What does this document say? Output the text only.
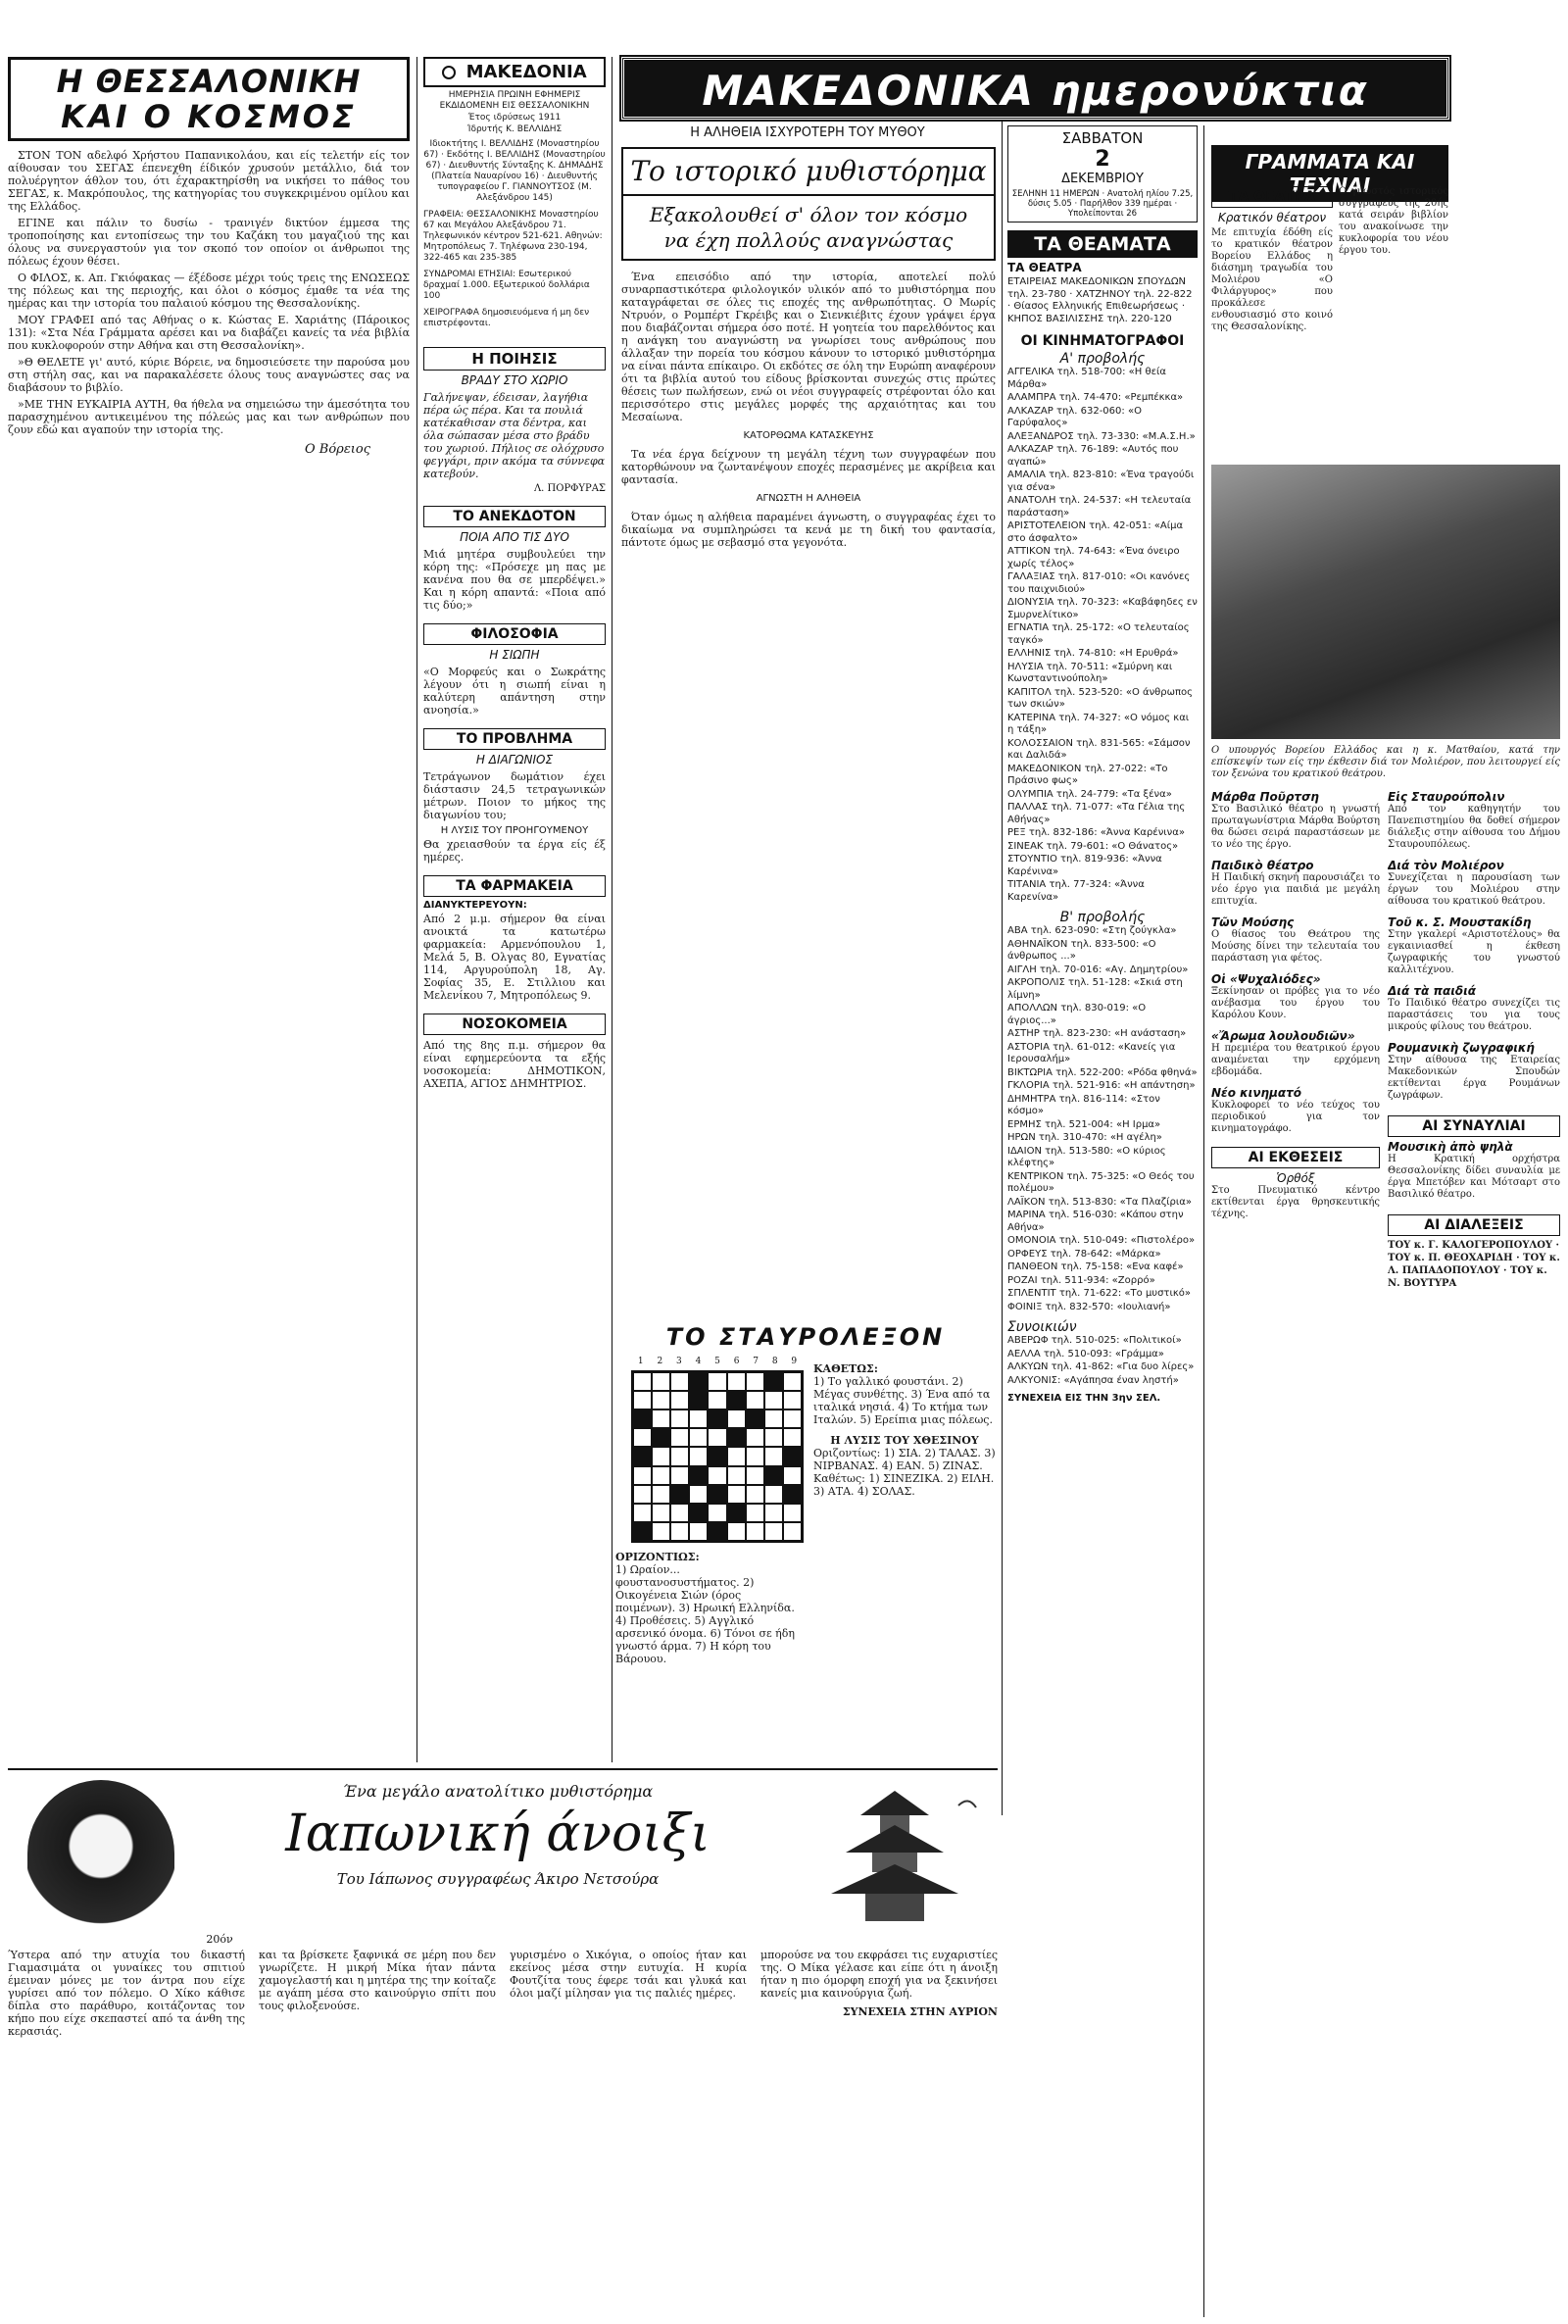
Η ΘΕΣΣΑΛΟΝΙΚΗ
ΚΑΙ Ο ΚΟΣΜΟΣ

ΣΤΟΝ ΤΟΝ αδελφό Χρήστου Παπανικολάου, και είς τελετήν είς τον αίθουσαν του ΣΕΓΑΣ έπενεχθη έίδικόν χρυσούν μετάλλιο, διά τον πολυέργητον άθλον του, ότι έχαρακτηρίσθη να νικήσει το πάθος του ΣΕΓΑΣ, κ. Μακρόπουλος, της κατηγορίας του συγκεκριμένου ομίλου και της Ελλάδος.

ΕΓΙΝΕ και πάλιν το δυσίω - τρανιγέν δικτύον έμμεσα της τροποποίησης και εντοπίσεως την του Καζάκη του μαγαζιού της και όλους να συνεργαστούν για τον σκοπό τον οποίον οι άνθρωποι της πόλεως έχουν θέσει.

Ο ΦΙΛΟΣ, κ. Απ. Γκιόφακας — έξέδοσε μέχρι τούς τρεις της ΕΝΩΣΕΩΣ της πόλεως και της περιοχής, και όλοι ο κόσμος έμαθε τα νέα της ημέρας και την ιστορία του παλαιού κόσμου της Θεσσαλονίκης.

ΜΟΥ ΓΡΑΦΕΙ από τας Αθήνας ο κ. Κώστας Ε. Χαριάτης (Πάροικος 131): «Στα Νέα Γράμματα αρέσει και να διαβάζει κανείς τα νέα βιβλία που κυκλοφορούν στην Αθήνα και στη Θεσσαλονίκη».

»Θ ΘΕΛΕΤΕ γι' αυτό, κύριε Βόρειε, να δημοσιεύσετε την παρούσα μου στη στήλη σας, και να παρακαλέσετε όλους τους αναγνώστες σας να διαβάσουν το βιβλίο.

»ΜΕ ΤΗΝ ΕΥΚΑΙΡΙΑ ΑΥΤΗ, θα ήθελα να σημειώσω την άμεσότητα του παρασχημένου αντικειμένου της πόλεώς μας και των ανθρώπων που ζουν εδώ και αγαπούν την ιστορία της.

Ο Βόρειος
ΜΑΚΕΔΟΝΙΑ
ΗΜΕΡΗΣΙΑ ΠΡΩΙΝΗ ΕΦΗΜΕΡΙΣ ΕΚΔΙΔΟΜΕΝΗ ΕΙΣ ΘΕΣΣΑΛΟΝΙΚΗΝ
Έτος ιδρύσεως 1911
Ίδρυτής Κ. ΒΕΛΛΙΔΗΣ
Ιδιοκτήτης Ι. ΒΕΛΛΙΔΗΣ (Μοναστηρίου 67) · Εκδότης Ι. ΒΕΛΛΙΔΗΣ (Μοναστηρίου 67) · Διευθυντής Σύνταξης Κ. ΔΗΜΑΔΗΣ (Πλατεία Ναυαρίνου 16) · Διευθυντής τυπογραφείου Γ. ΓΙΑΝΝΟΥΤΣΟΣ (Μ. Αλεξάνδρου 145)
ΓΡΑΦΕΙΑ: ΘΕΣΣΑΛΟΝΙΚΗΣ Μοναστηρίου 67 και Μεγάλου Αλεξάνδρου 71. Τηλεφωνικόν κέντρον 521-621. Αθηνών: Μητροπόλεως 7. Τηλέφωνα 230-194, 322-465 και 235-385
ΣΥΝΔΡΟΜΑΙ ΕΤΗΣΙΑΙ: Εσωτερικού δραχμαί 1.000. Εξωτερικού δολλάρια 100
ΧΕΙΡΟΓΡΑΦΑ δημοσιευόμενα ή μη δεν επιστρέφονται.
Η ΠΟΙΗΣΙΣ
ΒΡΑΔΥ ΣΤΟ ΧΩΡΙΟ
Γαλήνεψαν, έδεισαν, λαγήθια πέρα ώς πέρα. Και τα πουλιά κατέκαθισαν στα δέντρα, και όλα σώπασαν μέσα στο βράδυ του χωριού. Πήλιος σε ολόχρυσο φεγγάρι, πριν ακόμα τα σύννεφα κατεβούν.
Λ. ΠΟΡΦΥΡΑΣ
ΤΟ ΑΝΕΚΔΟΤΟΝ
ΠΟΙΑ ΑΠΟ ΤΙΣ ΔΥΟ
Μιά μητέρα συμβουλεύει την κόρη της: «Πρόσεχε μη πας με κανένα που θα σε μπερδέψει.» Και η κόρη απαντά: «Ποια από τις δύο;»
ΦΙΛΟΣΟΦΙΑ
Η ΣΙΩΠΗ
«Ο Μορφεύς και ο Σωκράτης λέγουν ότι η σιωπή είναι η καλύτερη απάντηση στην ανοησία.»
ΤΟ ΠΡΟΒΛΗΜΑ
Η ΔΙΑΓΩΝΙΟΣ
Τετράγωνον δωμάτιον έχει διάστασιν 24,5 τετραγωνικών μέτρων. Ποιον το μήκος της διαγωνίου του;
Η ΛΥΣΙΣ ΤΟΥ ΠΡΟΗΓΟΥΜΕΝΟΥ
Θα χρειασθούν τα έργα είς έξ ημέρες.
ΤΑ ΦΑΡΜΑΚΕΙΑ
ΔΙΑΝΥΚΤΕΡΕΥΟΥΝ:
Από 2 μ.μ. σήμερον θα είναι ανοικτά τα κατωτέρω φαρμακεία: Αρμενόπουλου 1, Μελά 5, Β. Ολγας 80, Εγνατίας 114, Αργυρούπολη 18, Αγ. Σοφίας 35, Ε. Στιλλιου και Μελενίκου 7, Μητροπόλεως 9.
ΝΟΣΟΚΟΜΕΙΑ
Από της 8ης π.μ. σήμερον θα είναι εφημερεύοντα τα εξής νοσοκομεία: ΔΗΜΟΤΙΚΟΝ, ΑΧΕΠΑ, ΑΓΙΟΣ ΔΗΜΗΤΡΙΟΣ.
ΜΑΚΕΔΟΝΙΚΑ ημερονύκτια
Η ΑΛΗΘΕΙΑ ΙΣΧΥΡΟΤΕΡΗ ΤΟΥ ΜΥΘΟΥ
Το ιστορικό μυθιστόρημα
Εξακολουθεί σ' όλον τον κόσμο
να έχη πολλούς αναγνώστας

Ένα επεισόδιο από την ιστορία, αποτελεί πολύ συναρπαστικότερα φιλολογικόν υλικόν από το μυθιστόρημα που καταγράφεται σε όλες τις εποχές της ανθρωπότητας. Ο Μωρίς Ντρυόν, ο Ρομπέρτ Γκρέιβς και ο Σιενκιέβιτς έχουν γράψει έργα που διαβάζονται σήμερα όσο ποτέ. Η γοητεία του παρελθόντος και η ανάγκη του αναγνώστη να γνωρίσει τους ανθρώπους που άλλαξαν την πορεία του κόσμου κάνουν το ιστορικό μυθιστόρημα να είναι πάντα επίκαιρο. Οι εκδότες σε όλη την Ευρώπη αναφέρουν ότι τα βιβλία αυτού του είδους βρίσκονται συνεχώς στις πρώτες θέσεις των πωλήσεων, ενώ οι νέοι συγγραφείς στρέφονται όλο και περισσότερο στις μεγάλες μορφές της αρχαιότητας και του Μεσαίωνα.

ΚΑΤΟΡΘΩΜΑ ΚΑΤΑΣΚΕΥΗΣ

Τα νέα έργα δείχνουν τη μεγάλη τέχνη των συγγραφέων που κατορθώνουν να ζωντανέψουν εποχές περασμένες με ακρίβεια και φαντασία.

ΑΓΝΩΣΤΗ Η ΑΛΗΘΕΙΑ

Όταν όμως η αλήθεια παραμένει άγνωστη, ο συγγραφέας έχει το δικαίωμα να συμπληρώσει τα κενά με τη δική του φαντασία, πάντοτε όμως με σεβασμό στα γεγονότα.

ΤΟ ΣΤΑΥΡΟΛΕΞΟΝ
1	2	3	4	5	6	7	8	9
ΟΡΙΖΟΝΤΙΩΣ:
1) Ωραίον... φουστανοσυστήματος. 2) Οικογένεια Σιών (όρος ποιμένων). 3) Ηρωική Ελληνίδα. 4) Προθέσεις. 5) Αγγλικό αρσενικό όνομα. 6) Τόνοι σε ήδη γνωστό άρμα. 7) Η κόρη του Βάρουου.
ΚΑΘΕΤΩΣ:
1) Το γαλλικό φουστάνι. 2) Μέγας συνθέτης. 3) Ένα από τα ιταλικά νησιά. 4) Το κτήμα των Ιταλών. 5) Ερείπια μιας πόλεως.
Η ΛΥΣΙΣ ΤΟΥ ΧΘΕΣΙΝΟΥ
Οριζοντίως: 1) ΣΙΑ. 2) ΤΑΛΑΣ. 3) ΝΙΡΒΑΝΑΣ. 4) ΕΑΝ. 5) ΖΙΝΑΣ. Καθέτως: 1) ΣΙΝΕΖΙΚΑ. 2) ΕΙΛΗ. 3) ΑΤΑ. 4) ΣΟΛΑΣ.
Ένα μεγάλο ανατολίτικο μυθιστόρημα
Ιαπωνική άνοιξι
Του Ιάπωνος συγγραφέως Άκιρο Νετσούρα
20όν
Ύστερα από την ατυχία του δικαστή Γιαμασιμάτα οι γυναίκες του σπιτιού έμειναν μόνες με τον άντρα που είχε γυρίσει από τον πόλεμο. Ο Χίκο κάθισε δίπλα στο παράθυρο, κοιτάζοντας τον κήπο που είχε σκεπαστεί από τα άνθη της κερασιάς.
και τα βρίσκετε ξαφνικά σε μέρη που δεν γνωρίζετε. Η μικρή Μίκα ήταν πάντα χαμογελαστή και η μητέρα της την κοίταζε με αγάπη μέσα στο καινούργιο σπίτι που τους φιλοξενούσε.
γυρισμένο ο Χικόγια, ο οποίος ήταν και εκείνος μέσα στην ευτυχία. Η κυρία Φουτζίτα τους έφερε τσάι και γλυκά και όλοι μαζί μίλησαν για τις παλιές ημέρες.
μπορούσε να του εκφράσει τις ευχαριστίες της. Ο Μίκα γέλασε και είπε ότι η άνοιξη ήταν η πιο όμορφη εποχή για να ξεκινήσει κανείς μια καινούργια ζωή.
ΣΥΝΕΧΕΙΑ ΣΤΗΝ ΑΥΡΙΟΝ
ΣΑΒΒΑΤΟΝ
2
ΔΕΚΕΜΒΡΙΟΥ
ΣΕΛΗΝΗ 11 ΗΜΕΡΩΝ · Ανατολή ηλίου 7.25, δύσις 5.05 · Παρήλθον 339 ημέραι · Υπολείπονται 26
ΤΑ ΘΕΑΜΑΤΑ
ΤΑ ΘΕΑΤΡΑ
ΕΤΑΙΡΕΙΑΣ ΜΑΚΕΔΟΝΙΚΩΝ ΣΠΟΥΔΩΝ τηλ. 23-780 · ΧΑΤΖΗΝΟΥ τηλ. 22-822 · Θίασος Ελληνικής Επιθεωρήσεως · ΚΗΠΟΣ ΒΑΣΙΛΙΣΣΗΣ τηλ. 220-120
ΟΙ ΚΙΝΗΜΑΤΟΓΡΑΦΟΙ
Α' προβολής
ΑΓΓΕΛΙΚΑ τηλ. 518-700: «Η θεία Μάρθα»
ΑΛΑΜΠΡΑ τηλ. 74-470: «Ρεμπέκκα»
ΑΛΚΑΖΑΡ τηλ. 632-060: «Ο Γαρύφαλος»
ΑΛΕΞΑΝΔΡΟΣ τηλ. 73-330: «Μ.Α.Σ.Η.»
ΑΛΚΑΖΑΡ τηλ. 76-189: «Αυτός που αγαπώ»
ΑΜΑΛΙΑ τηλ. 823-810: «Ένα τραγούδι για σένα»
ΑΝΑΤΟΛΗ τηλ. 24-537: «Η τελευταία παράσταση»
ΑΡΙΣΤΟΤΕΛΕΙΟΝ τηλ. 42-051: «Αίμα στο άσφαλτο»
ΑΤΤΙΚΟΝ τηλ. 74-643: «Ένα όνειρο χωρίς τέλος»
ΓΑΛΑΞΙΑΣ τηλ. 817-010: «Οι κανόνες του παιχνιδιού»
ΔΙΟΝΥΣΙΑ τηλ. 70-323: «Καβάφηδες εν Σμυρνελίτικο»
ΕΓΝΑΤΙΑ τηλ. 25-172: «Ο τελευταίος ταγκό»
ΕΛΛΗΝΙΣ τηλ. 74-810: «Η Ερυθρά»
ΗΛΥΣΙΑ τηλ. 70-511: «Σμύρνη και Κωνσταντινούπολη»
ΚΑΠΙΤΟΛ τηλ. 523-520: «Ο άνθρωπος των σκιών»
ΚΑΤΕΡΙΝΑ τηλ. 74-327: «Ο νόμος και η τάξη»
ΚΟΛΟΣΣΑΙΟΝ τηλ. 831-565: «Σάμσον και Δαλιδά»
ΜΑΚΕΔΟΝΙΚΟΝ τηλ. 27-022: «Το Πράσινο φως»
ΟΛΥΜΠΙΑ τηλ. 24-779: «Τα ξένα»
ΠΑΛΛΑΣ τηλ. 71-077: «Τα Γέλια της Αθήνας»
ΡΕΞ τηλ. 832-186: «Άννα Καρένινα»
ΣΙΝΕΑΚ τηλ. 79-601: «Ο Θάνατος»
ΣΤΟΥΝΤΙΟ τηλ. 819-936: «Άννα Καρένινα»
ΤΙΤΑΝΙΑ τηλ. 77-324: «Άννα Καρενίνα»
Β' προβολής
ΑΒΑ τηλ. 623-090: «Στη ζούγκλα»
ΑΘΗΝΑΪΚΟΝ τηλ. 833-500: «Ο άνθρωπος ...»
ΑΙΓΛΗ τηλ. 70-016: «Αγ. Δημητρίου»
ΑΚΡΟΠΟΛΙΣ τηλ. 51-128: «Σκιά στη λίμνη»
ΑΠΟΛΛΩΝ τηλ. 830-019: «Ο άγριος...»
ΑΣΤΗΡ τηλ. 823-230: «Η ανάσταση»
ΑΣΤΟΡΙΑ τηλ. 61-012: «Κανείς για Ιερουσαλήμ»
ΒΙΚΤΩΡΙΑ τηλ. 522-200: «Ρόδα φθηνά»
ΓΚΛΟΡΙΑ τηλ. 521-916: «Η απάντηση»
ΔΗΜΗΤΡΑ τηλ. 816-114: «Στον κόσμο»
ΕΡΜΗΣ τηλ. 521-004: «Η Ιρμα»
ΗΡΩΝ τηλ. 310-470: «Η αγέλη»
ΙΔΑΙΟΝ τηλ. 513-580: «Ο κύριος κλέφτης»
ΚΕΝΤΡΙΚΟΝ τηλ. 75-325: «Ο Θεός του πολέμου»
ΛΑΪΚΟΝ τηλ. 513-830: «Τα Πλαζίρια»
ΜΑΡΙΝΑ τηλ. 516-030: «Κάπου στην Αθήνα»
ΟΜΟΝΟΙΑ τηλ. 510-049: «Πιστολέρο»
ΟΡΦΕΥΣ τηλ. 78-642: «Μάρκα»
ΠΑΝΘΕΟΝ τηλ. 75-158: «Ενα καφέ»
ΡΟΖΑΙ τηλ. 511-934: «Ζορρό»
ΣΠΛΕΝΤΙΤ τηλ. 71-622: «Το μυστικό»
ΦΟΙΝΙΞ τηλ. 832-570: «Ιουλιανή»
Συνοικιών
ΑΒΕΡΩΦ τηλ. 510-025: «Πολιτικοί»
ΑΕΛΛΑ τηλ. 510-093: «Γράμμα»
ΑΛΚΥΩΝ τηλ. 41-862: «Για δυο λίρες»
ΑΛΚΥΟΝΙΣ: «Αγάπησα έναν ληστή»
ΣΥΝΕΧΕΙΑ ΕΙΣ ΤΗΝ 3ην ΣΕΛ.
ΓΡΑΜΜΑΤΑ ΚΑΙ ΤΕΧΝΑΙ
ΤΑ ΘΕΑΤΡΑ
Κρατικόν θέατρον
Με επιτυχία έδόθη είς το κρατικόν θέατρον Βορείου Ελλάδος η διάσημη τραγωδία του Μολιέρου «Ο Φιλάργυρος» που προκάλεσε ενθουσιασμό στο κοινό της Θεσσαλονίκης.
Ο γνωστός ιστορικός συγγραφεύς της 20ής κατά σειράν βιβλίον του ανακοίνωσε την κυκλοφορία του νέου έργου του.
Ο υπουργός Βορείου Ελλάδος και η κ. Ματθαίου, κατά την επίσκεψίν των είς την έκθεσιν διά τον Μολιέρον, που λειτουργεί είς τον ξενώνα του κρατικού θεάτρου.
Μάρθα Ποῦρτση
Στο Βασιλικό θέατρο η γνωστή πρωταγωνίστρια Μάρθα Βούρτση θα δώσει σειρά παραστάσεων με το νέο της έργο.
Παιδικὸ θέατρο
Η Παιδική σκηνή παρουσιάζει το νέο έργο για παιδιά με μεγάλη επιτυχία.
Τῶν Μούσης
Ο θίασος του Θεάτρου της Μούσης δίνει την τελευταία του παράσταση για φέτος.
Οἱ «Ψυχαλιόδες»
Ξεκίνησαν οι πρόβες για το νέο ανέβασμα του έργου του Καρόλου Κουν.
«Ἄρωμα λουλουδιῶν»
Η πρεμιέρα του θεατρικού έργου αναμένεται την ερχόμενη εβδομάδα.
Νέο κινηματό
Κυκλοφορεί το νέο τεύχος του περιοδικού για τον κινηματογράφο.
ΑΙ ΕΚΘΕΣΕΙΣ
Ὁρθόξ
Στο Πνευματικό κέντρο εκτίθενται έργα θρησκευτικής τέχνης.
Εἰς Σταυρούπολιν
Από τον καθηγητήν του Πανεπιστημίου θα δοθεί σήμερον διάλεξις στην αίθουσα του Δήμου Σταυρουπόλεως.
Διά τὸν Μολιέρον
Συνεχίζεται η παρουσίαση των έργων του Μολιέρου στην αίθουσα του κρατικού θεάτρου.
Τοῦ κ. Σ. Μουστακίδη
Στην γκαλερί «Αριστοτέλους» θα εγκαινιασθεί η έκθεση ζωγραφικής του γνωστού καλλιτέχνου.
Διά τὰ παιδιά
Το Παιδικό θέατρο συνεχίζει τις παραστάσεις του για τους μικρούς φίλους του θεάτρου.
Ρουμανικὴ ζωγραφική
Στην αίθουσα της Εταιρείας Μακεδονικών Σπουδών εκτίθενται έργα Ρουμάνων ζωγράφων.
ΑΙ ΣΥΝΑΥΛΙΑΙ
Μουσικὴ ἀπὸ ψηλὰ
Η Κρατική ορχήστρα Θεσσαλονίκης δίδει συναυλία με έργα Μπετόβεν και Μότσαρτ στο Βασιλικό θέατρο.
ΑΙ ΔΙΑΛΕΞΕΙΣ
ΤΟΥ κ. Γ. ΚΑΛΟΓΕΡΟΠΟΥΛΟΥ · ΤΟΥ κ. Π. ΘΕΟΧΑΡΙΔΗ · ΤΟΥ κ. Λ. ΠΑΠΑΔΟΠΟΥΛΟΥ · ΤΟΥ κ. Ν. ΒΟΥΤΥΡΑ
